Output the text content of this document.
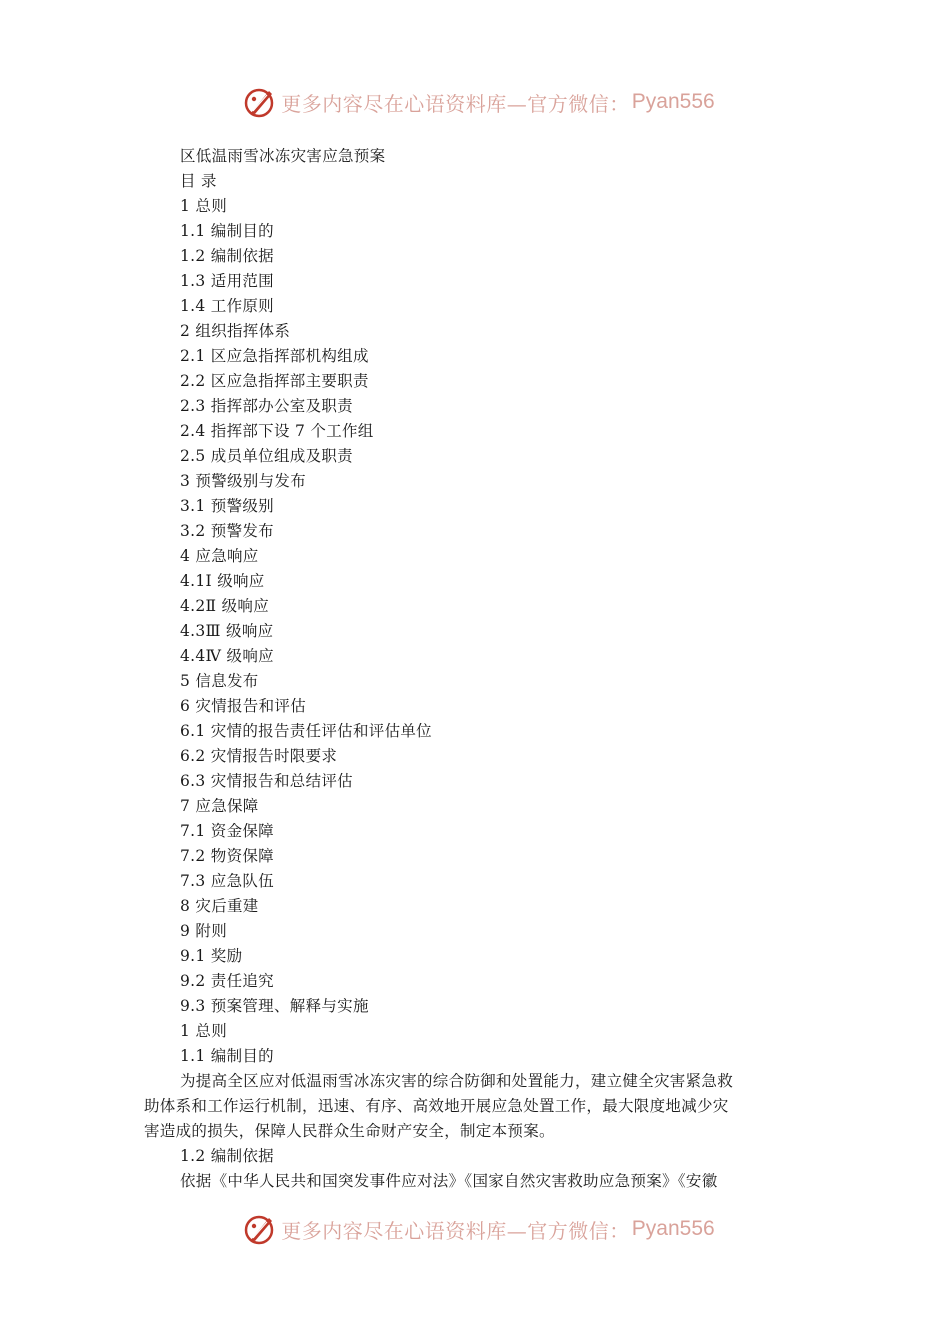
更多内容尽在心语资料库—官方微信： Pyan556
区低温雨雪冰冻灾害应急预案
目 录
1 总则
1.1 编制目的
1.2 编制依据
1.3 适用范围
1.4 工作原则
2 组织指挥体系
2.1 区应急指挥部机构组成
2.2 区应急指挥部主要职责
2.3 指挥部办公室及职责
2.4 指挥部下设 7 个工作组
2.5 成员单位组成及职责
3 预警级别与发布
3.1 预警级别
3.2 预警发布
4 应急响应
4.1Ⅰ 级响应
4.2Ⅱ 级响应
4.3Ⅲ 级响应
4.4Ⅳ 级响应
5 信息发布
6 灾情报告和评估
6.1 灾情的报告责任评估和评估单位
6.2 灾情报告时限要求
6.3 灾情报告和总结评估
7 应急保障
7.1 资金保障
7.2 物资保障
7.3 应急队伍
8 灾后重建
9 附则
9.1 奖励
9.2 责任追究
9.3 预案管理、解释与实施
1 总则
1.1 编制目的
为提高全区应对低温雨雪冰冻灾害的综合防御和处置能力，建立健全灾害紧急救
助体系和工作运行机制，迅速、有序、高效地开展应急处置工作，最大限度地减少灾
害造成的损失，保障人民群众生命财产安全，制定本预案。
1.2 编制依据
依据《中华人民共和国突发事件应对法》《国家自然灾害救助应急预案》《安徽
更多内容尽在心语资料库—官方微信： Pyan556
